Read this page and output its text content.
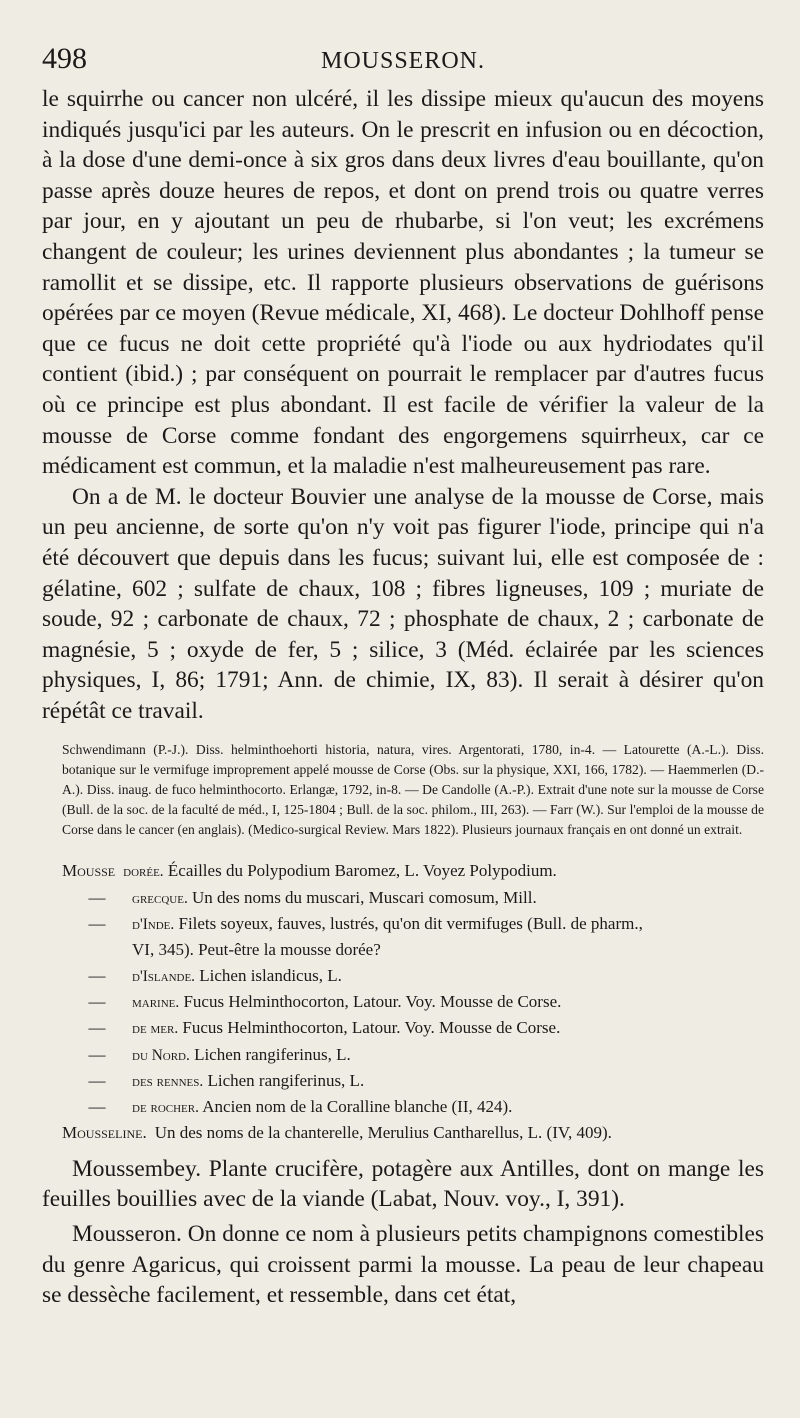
498	MOUSSERON.

le squirrhe ou cancer non ulcéré, il les dissipe mieux qu'aucun des moyens indiqués jusqu'ici par les auteurs. On le prescrit en infusion ou en décoction, à la dose d'une demi-once à six gros dans deux livres d'eau bouillante, qu'on passe après douze heures de repos, et dont on prend trois ou quatre verres par jour, en y ajoutant un peu de rhubarbe, si l'on veut; les excrémens changent de couleur; les urines deviennent plus abondantes ; la tumeur se ramollit et se dissipe, etc. Il rapporte plusieurs observations de guérisons opérées par ce moyen (Revue médicale, XI, 468). Le docteur Dohlhoff pense que ce fucus ne doit cette propriété qu'à l'iode ou aux hydriodates qu'il contient (ibid.) ; par conséquent on pourrait le remplacer par d'autres fucus où ce principe est plus abondant. Il est facile de vérifier la valeur de la mousse de Corse comme fondant des engorgemens squirrheux, car ce médicament est commun, et la maladie n'est malheureusement pas rare.

On a de M. le docteur Bouvier une analyse de la mousse de Corse, mais un peu ancienne, de sorte qu'on n'y voit pas figurer l'iode, principe qui n'a été découvert que depuis dans les fucus; suivant lui, elle est composée de : gélatine, 602 ; sulfate de chaux, 108 ; fibres ligneuses, 109 ; muriate de soude, 92 ; carbonate de chaux, 72 ; phosphate de chaux, 2 ; carbonate de magnésie, 5 ; oxyde de fer, 5 ; silice, 3 (Méd. éclairée par les sciences physiques, I, 86; 1791; Ann. de chimie, IX, 83). Il serait à désirer qu'on répétât ce travail.

Schwendimann (P.-J.). Diss. helminthoehorti historia, natura, vires. Argentorati, 1780, in-4. — Latourette (A.-L.). Diss. botanique sur le vermifuge improprement appelé mousse de Corse (Obs. sur la physique, XXI, 166, 1782). — Haemmerlen (D.-A.). Diss. inaug. de fuco helminthocorto. Erlangæ, 1792, in-8. — De Candolle (A.-P.). Extrait d'une note sur la mousse de Corse (Bull. de la soc. de la faculté de méd., I, 125-1804 ; Bull. de la soc. philom., III, 263). — Farr (W.). Sur l'emploi de la mousse de Corse dans le cancer (en anglais). (Medico-surgical Review. Mars 1822). Plusieurs journaux français en ont donné un extrait.
Mousse dorée. Écailles du Polypodium Baromez, L. Voyez Polypodium.
—	grecque. Un des noms du muscari, Muscari comosum, Mill.
—	d'Inde. Filets soyeux, fauves, lustrés, qu'on dit vermifuges (Bull. de pharm.,
VI, 345). Peut-être la mousse dorée?
—	d'Islande. Lichen islandicus, L.
—	marine. Fucus Helminthocorton, Latour. Voy. Mousse de Corse.
—	de mer. Fucus Helminthocorton, Latour. Voy. Mousse de Corse.
—	du Nord. Lichen rangiferinus, L.
—	des rennes. Lichen rangiferinus, L.
—	de rocher. Ancien nom de la Coralline blanche (II, 424).
Mousseline. Un des noms de la chanterelle, Merulius Cantharellus, L. (IV, 409).

Moussembey. Plante crucifère, potagère aux Antilles, dont on mange les feuilles bouillies avec de la viande (Labat, Nouv. voy., I, 391).

Mousseron. On donne ce nom à plusieurs petits champignons comestibles du genre Agaricus, qui croissent parmi la mousse. La peau de leur chapeau se dessèche facilement, et ressemble, dans cet état,
